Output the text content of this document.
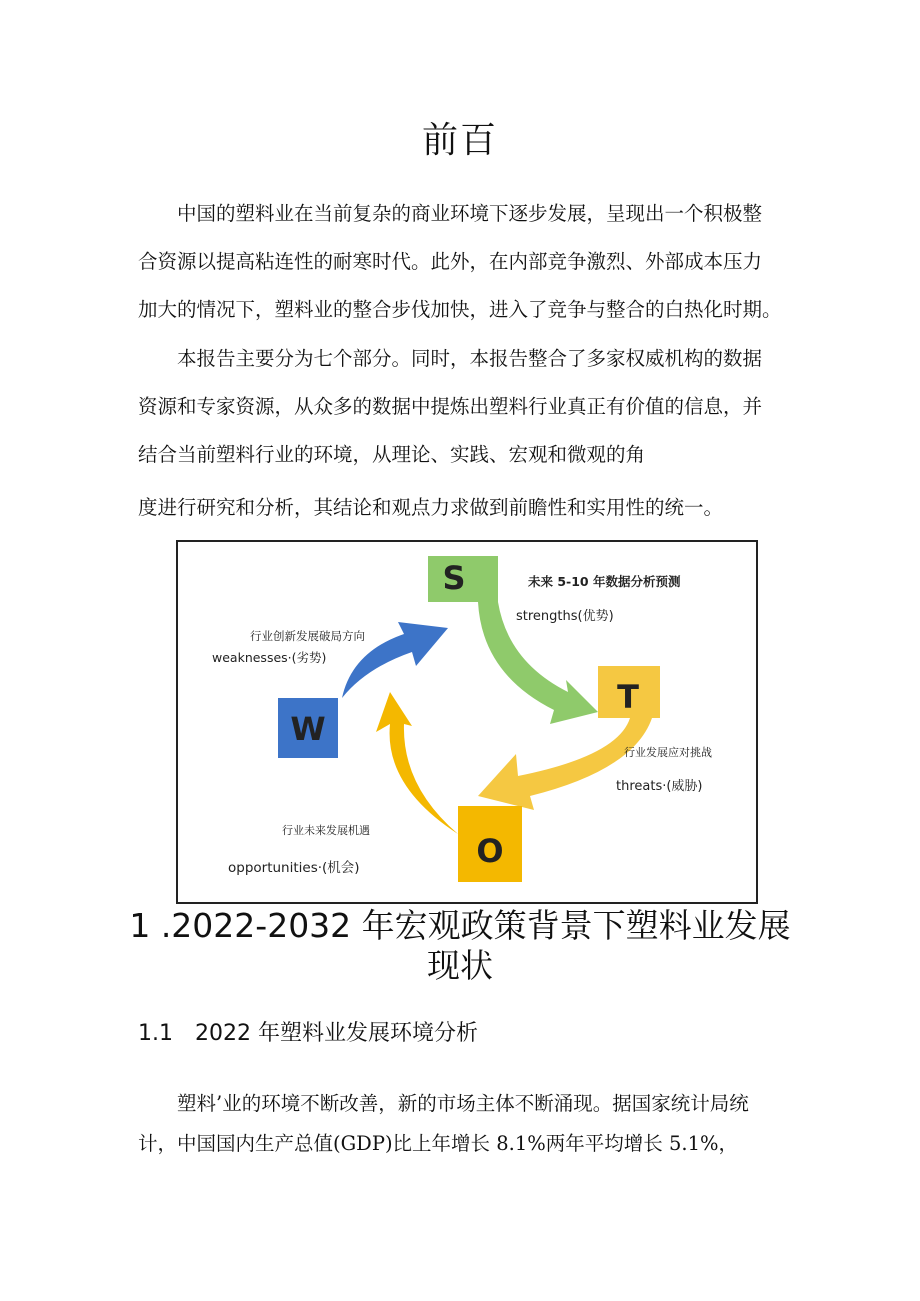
前百
　　中国的塑料业在当前复杂的商业环境下逐步发展，呈现出一个积极整
合资源以提高粘连性的耐寒时代。此外，在内部竞争激烈、外部成本压力
加大的情况下，塑料业的整合步伐加快，进入了竞争与整合的白热化时期。
　　本报告主要分为七个部分。同时，本报告整合了多家权威机构的数据
资源和专家资源，从众多的数据中提炼出塑料行业真正有价值的信息，并
结合当前塑料行业的环境，从理论、实践、宏观和微观的角
度进行研究和分析，其结论和观点力求做到前瞻性和实用性的统一。
S
T
O
W
未来 5-10 年数据分析预测
strengths(优势)
行业创新发展破局方向
weaknesses·(劣势)
行业发展应对挑战
threats·(威胁)
行业未来发展机遇
opportunities·(机会)
1 .2022-2032 年宏观政策背景下塑料业发展现状
1.1　2022 年塑料业发展环境分析
　　塑料’业的环境不断改善，新的市场主体不断涌现。据国家统计局统
计，中国国内生产总值(GDP)比上年增长 8.1%两年平均增长 5.1%，
